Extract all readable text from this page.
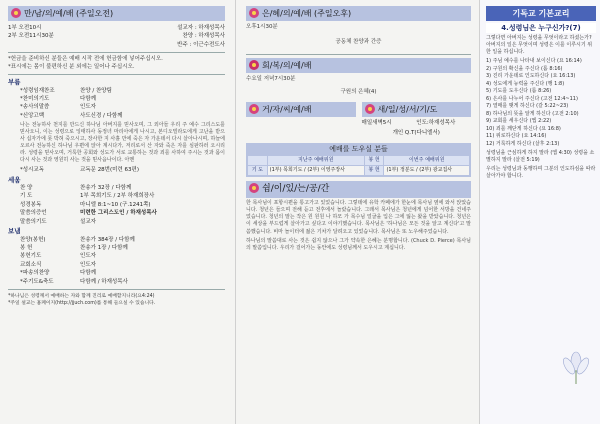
만/남/의/예/배 (주일오전)
1부 오전10시	설교자 : 하재성목사
2부 오전11시30분	찬양 : 하재성목사
반주 : 이근수전도사
*헌금을 준비하신 분들은 예배 시작 전에 헌금함에 넣어주십시오.
*표시에는 몸이 불편하신 분 외에는 일어나 주십시오.
부름
*성령임재찬조	찬양 / 찬양팀
*찬미의기도	다함께
*송사의말씀	인도자
*신앙고백	사도신경 / 다함께
나는 전능하사 천지를 만드신 하나님 아버지를 믿사오며, 그 외아들 우리 주 예수 그리스도를 믿사오니, 이는 성령으로 잉태하사 동정녀 마리아에게 나시고, 본디오빌라도에게 고난을 받으사 십자가에 못 박혀 죽으시고, 장사한 지 사흘 만에 죽은 자 가운데서 다시 살아나시며, 하늘에 오르사 전능하신 하나님 우편에 앉아 계시다가, 저리로서 산 자와 죽은 자를 심판하러 오시리라. 성령을 믿사오며, 거룩한 공회와 성도가 서로 교통하는 것과 죄를 사하여 주시는 것과 몸이 다시 사는 것과 영원히 사는 것을 믿사옵나이다. 아멘
*성시교독	교독문 28번(미련 63편)
세움
찬 양	찬송가 32장 / 다함께
기 도	1부 목희기도 / 2부 하재희장사
성경봉독	마니엘 8:1~10 (구.1241쪽)
말씀의증언	미련한 그리스도인 / 하재성목사
말씀의기도	설교자
보냄
찬양(봉헌)	찬송가 384장 / 다함께
봉 헌	찬송가 1장 / 다함께
봉헌기도	인도자
교회소식	인도자
*파송의찬양	다함께
*주기도&축도	다함께 / 하재성목사
*하나님은 성령께서 예배하는 자와 함께 진리로 예배할지니라(요4:24)
*주일 설교는 홈페이지(http://jjuch.com)를 통해 들으실 수 있습니다.
은/혜/의/예/배 (주일오후)
오후1시30분
공동체 찬양과 간증
회/복/의/예/배
수요일 저녁7시30분
구원의 은혜(4)
거/자/씨/예/배	새/일/성/서/기/도
매일새벽5시	인도:하재성목사
개인 Q.T(다니엘서)
예배를 도우실 분들
	지난주 예배위원	봉 헌	이번주 예배위원
기 도	(1부) 목희기도 / (2부) 이영주장사	봉 헌	(1부) 정분도 / (2부) 광교집사
쉼/이/있/는/공/간
한 목사님이 포항시편을 통고가고 있었습니다. 그렇데에 유학 카페에가 한눈에 목사님 옆에 와서 앉았습니다. 청년은 들으며 전해 듣고 전후에서 놀랐습니다. 그래서 목사님은 청년에게 넘어한 서방을 건네주었습니다. 청년의 말는 작은 원 원원 나 하모 가 목수님 얼굴을 입은 그에 잃는 왔을 받았습니다. 청년은 이 세상을 부드럽게 살아가고 싶다고 이야기했습니다. 목사님은 '하나님은 모든 것을 알고 계신다'고 말씀했습니다. 비마 놀이터에 젊은 기차가 달려오고 있었습니다. 목사님은 또 노우해주었습니다.
하나님의 말씀대로 사는 것은 쉽지 않으나 그가 약속한 은혜는 분명합니다. (Chuck D. Pierce) 목사님의 말씀입니다. 우리가 걸어가는 동안에도 성령님께서 도우시고 계십니다.
기독교 기본교리
4.성령님은 누구신가?(7)
그렇다면 아버지는 성령을 무엇이라고 하셨는가? 아버지의 일은 무엇이며 성령은 이를 이루시기 위한 일을 하십니다.
1) 주님 예수를 나타내 보이신다 (요 16:14)
2) 구원의 확신을 주신다 (롬 8:16)
3) 진리 가운데로 인도하신다 (요 16:13)
4) 성도에게 능력을 주신다 (행 1:8)
5) 기도를 도우신다 (롬 8:26)
6) 은사를 나누어 주신다 (고전 12:4~11)
7) 열매를 맺게 하신다 (갈 5:22~23)
8) 하나님의 뜻을 알게 하신다 (고전 2:10)
9) 교회를 세우신다 (엡 2:22)
10) 죄를 깨닫게 하신다 (요 16:8)
11) 위로하신다 (요 14:16)
12) 거룩하게 하신다 (살후 2:13)
성령님을 근심하게 하지 말라 (엡 4:30) 성령을 소멸하지 말라 (살전 5:19)
우리는 성령님과 동행하며 그분의 인도하심을 따라 살아가야 합니다.
